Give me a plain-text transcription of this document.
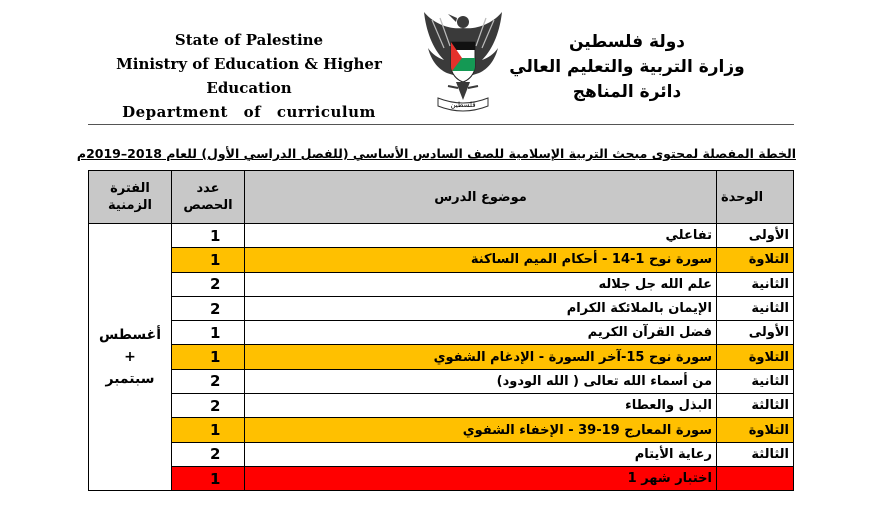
State of Palestine
Ministry of Education & Higher Education
Department of curriculum	فلسطين
دولة فلسطين
وزارة التربية والتعليم العالي
دائرة المناهج
الخطة المفصلة لمحتوى مبحث التربية الإسلامية للصف السادس الأساسي (للفصل الدراسي الأول) للعام 2018–2019م
الوحدة	موضوع الدرس	عدد الحصص	الفترة الزمنية
الأولى	تفاعلي	1	أغسطس
+
سبتمبر

التلاوة	سورة نوح 1-14 - أحكام الميم الساكنة	1	
الثانية	علم الله جل جلاله	2	
الثانية	الإيمان بالملائكة الكرام	2	
الأولى	فضل القرآن الكريم	1	
التلاوة	سورة نوح 15-آخر السورة - الإدغام الشفوي	1	
الثانية	من أسماء الله تعالى ( الله الودود)	2	
الثالثة	البذل والعطاء	2	
التلاوة	سورة المعارج 19-39 - الإخفاء الشفوي	1	
الثالثة	رعاية الأيتام	2	
	اختبار شهر 1	1	
